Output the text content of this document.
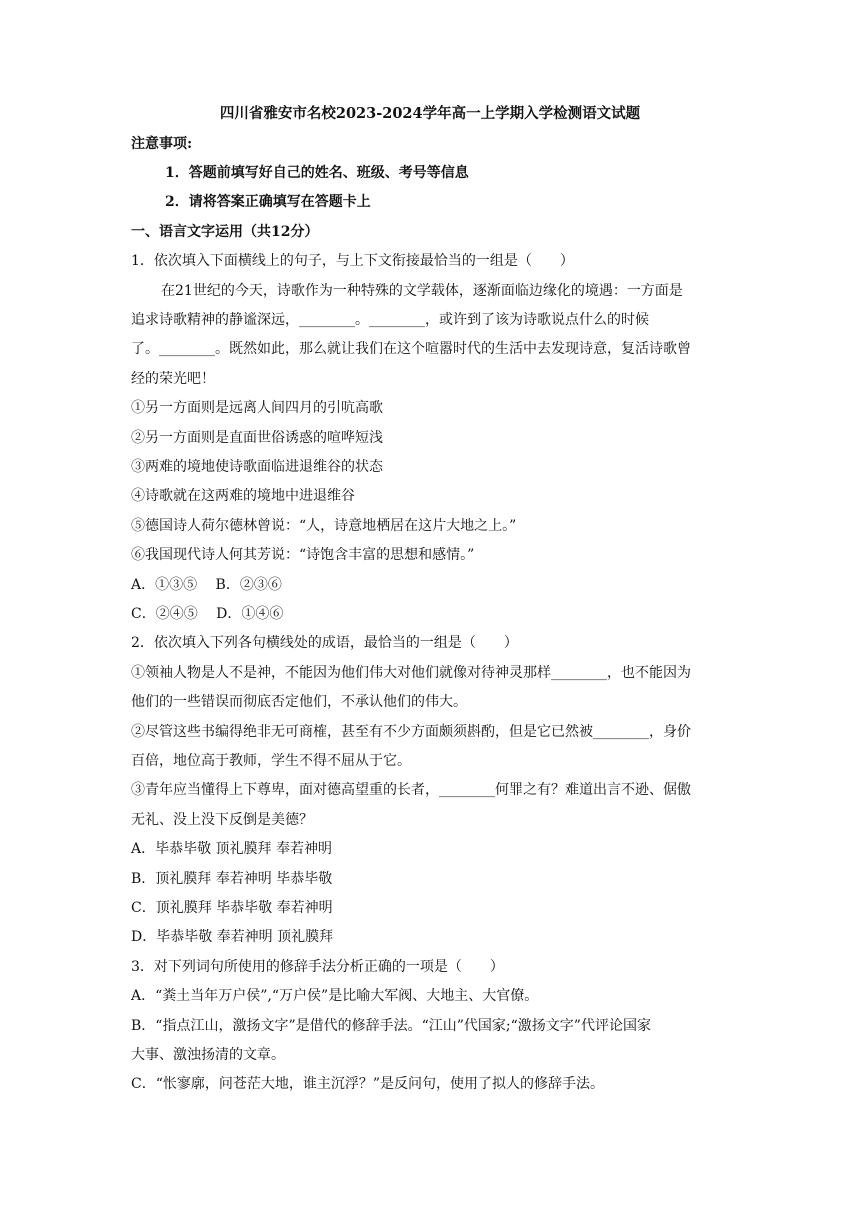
四川省雅安市名校2023-2024学年高一上学期入学检测语文试题
注意事项:
1．答题前填写好自己的姓名、班级、考号等信息
2．请将答案正确填写在答题卡上
一、语言文字运用（共12分）
1．依次填入下面横线上的句子，与上下文衔接最恰当的一组是（　　）
在21世纪的今天，诗歌作为一种特殊的文学载体，逐渐面临边缘化的境遇：一方面是
追求诗歌精神的静谧深远，________。________，或许到了该为诗歌说点什么的时候
了。________。既然如此，那么就让我们在这个喧嚣时代的生活中去发现诗意，复活诗歌曾
经的荣光吧！
①另一方面则是远离人间四月的引吭高歌
②另一方面则是直面世俗诱惑的喧哗短浅
③两难的境地使诗歌面临进退维谷的状态
④诗歌就在这两难的境地中进退维谷
⑤德国诗人荷尔德林曾说：“人，诗意地栖居在这片大地之上。”
⑥我国现代诗人何其芳说：“诗饱含丰富的思想和感情。”
A．①③⑤　 B．②③⑥
C．②④⑤　 D．①④⑥
2．依次填入下列各句横线处的成语，最恰当的一组是（　　）
①领袖人物是人不是神，不能因为他们伟大对他们就像对待神灵那样________，也不能因为
他们的一些错误而彻底否定他们，不承认他们的伟大。
②尽管这些书编得绝非无可商榷，甚至有不少方面颇须斟酌，但是它已然被________，身价
百倍，地位高于教师，学生不得不屈从于它。
③青年应当懂得上下尊卑，面对德高望重的长者，________何罪之有？难道出言不逊、倨傲
无礼、没上没下反倒是美德？
A．毕恭毕敬 顶礼膜拜 奉若神明
B．顶礼膜拜 奉若神明 毕恭毕敬
C．顶礼膜拜 毕恭毕敬 奉若神明
D．毕恭毕敬 奉若神明 顶礼膜拜
3．对下列词句所使用的修辞手法分析正确的一项是（　　）
A．“粪土当年万户侯”,“万户侯”是比喻大军阀、大地主、大官僚。
B．“指点江山，激扬文字”是借代的修辞手法。“江山”代国家;“激扬文字”代评论国家
大事、激浊扬清的文章。
C．“怅寥廓，问苍茫大地，谁主沉浮？”是反问句，使用了拟人的修辞手法。
